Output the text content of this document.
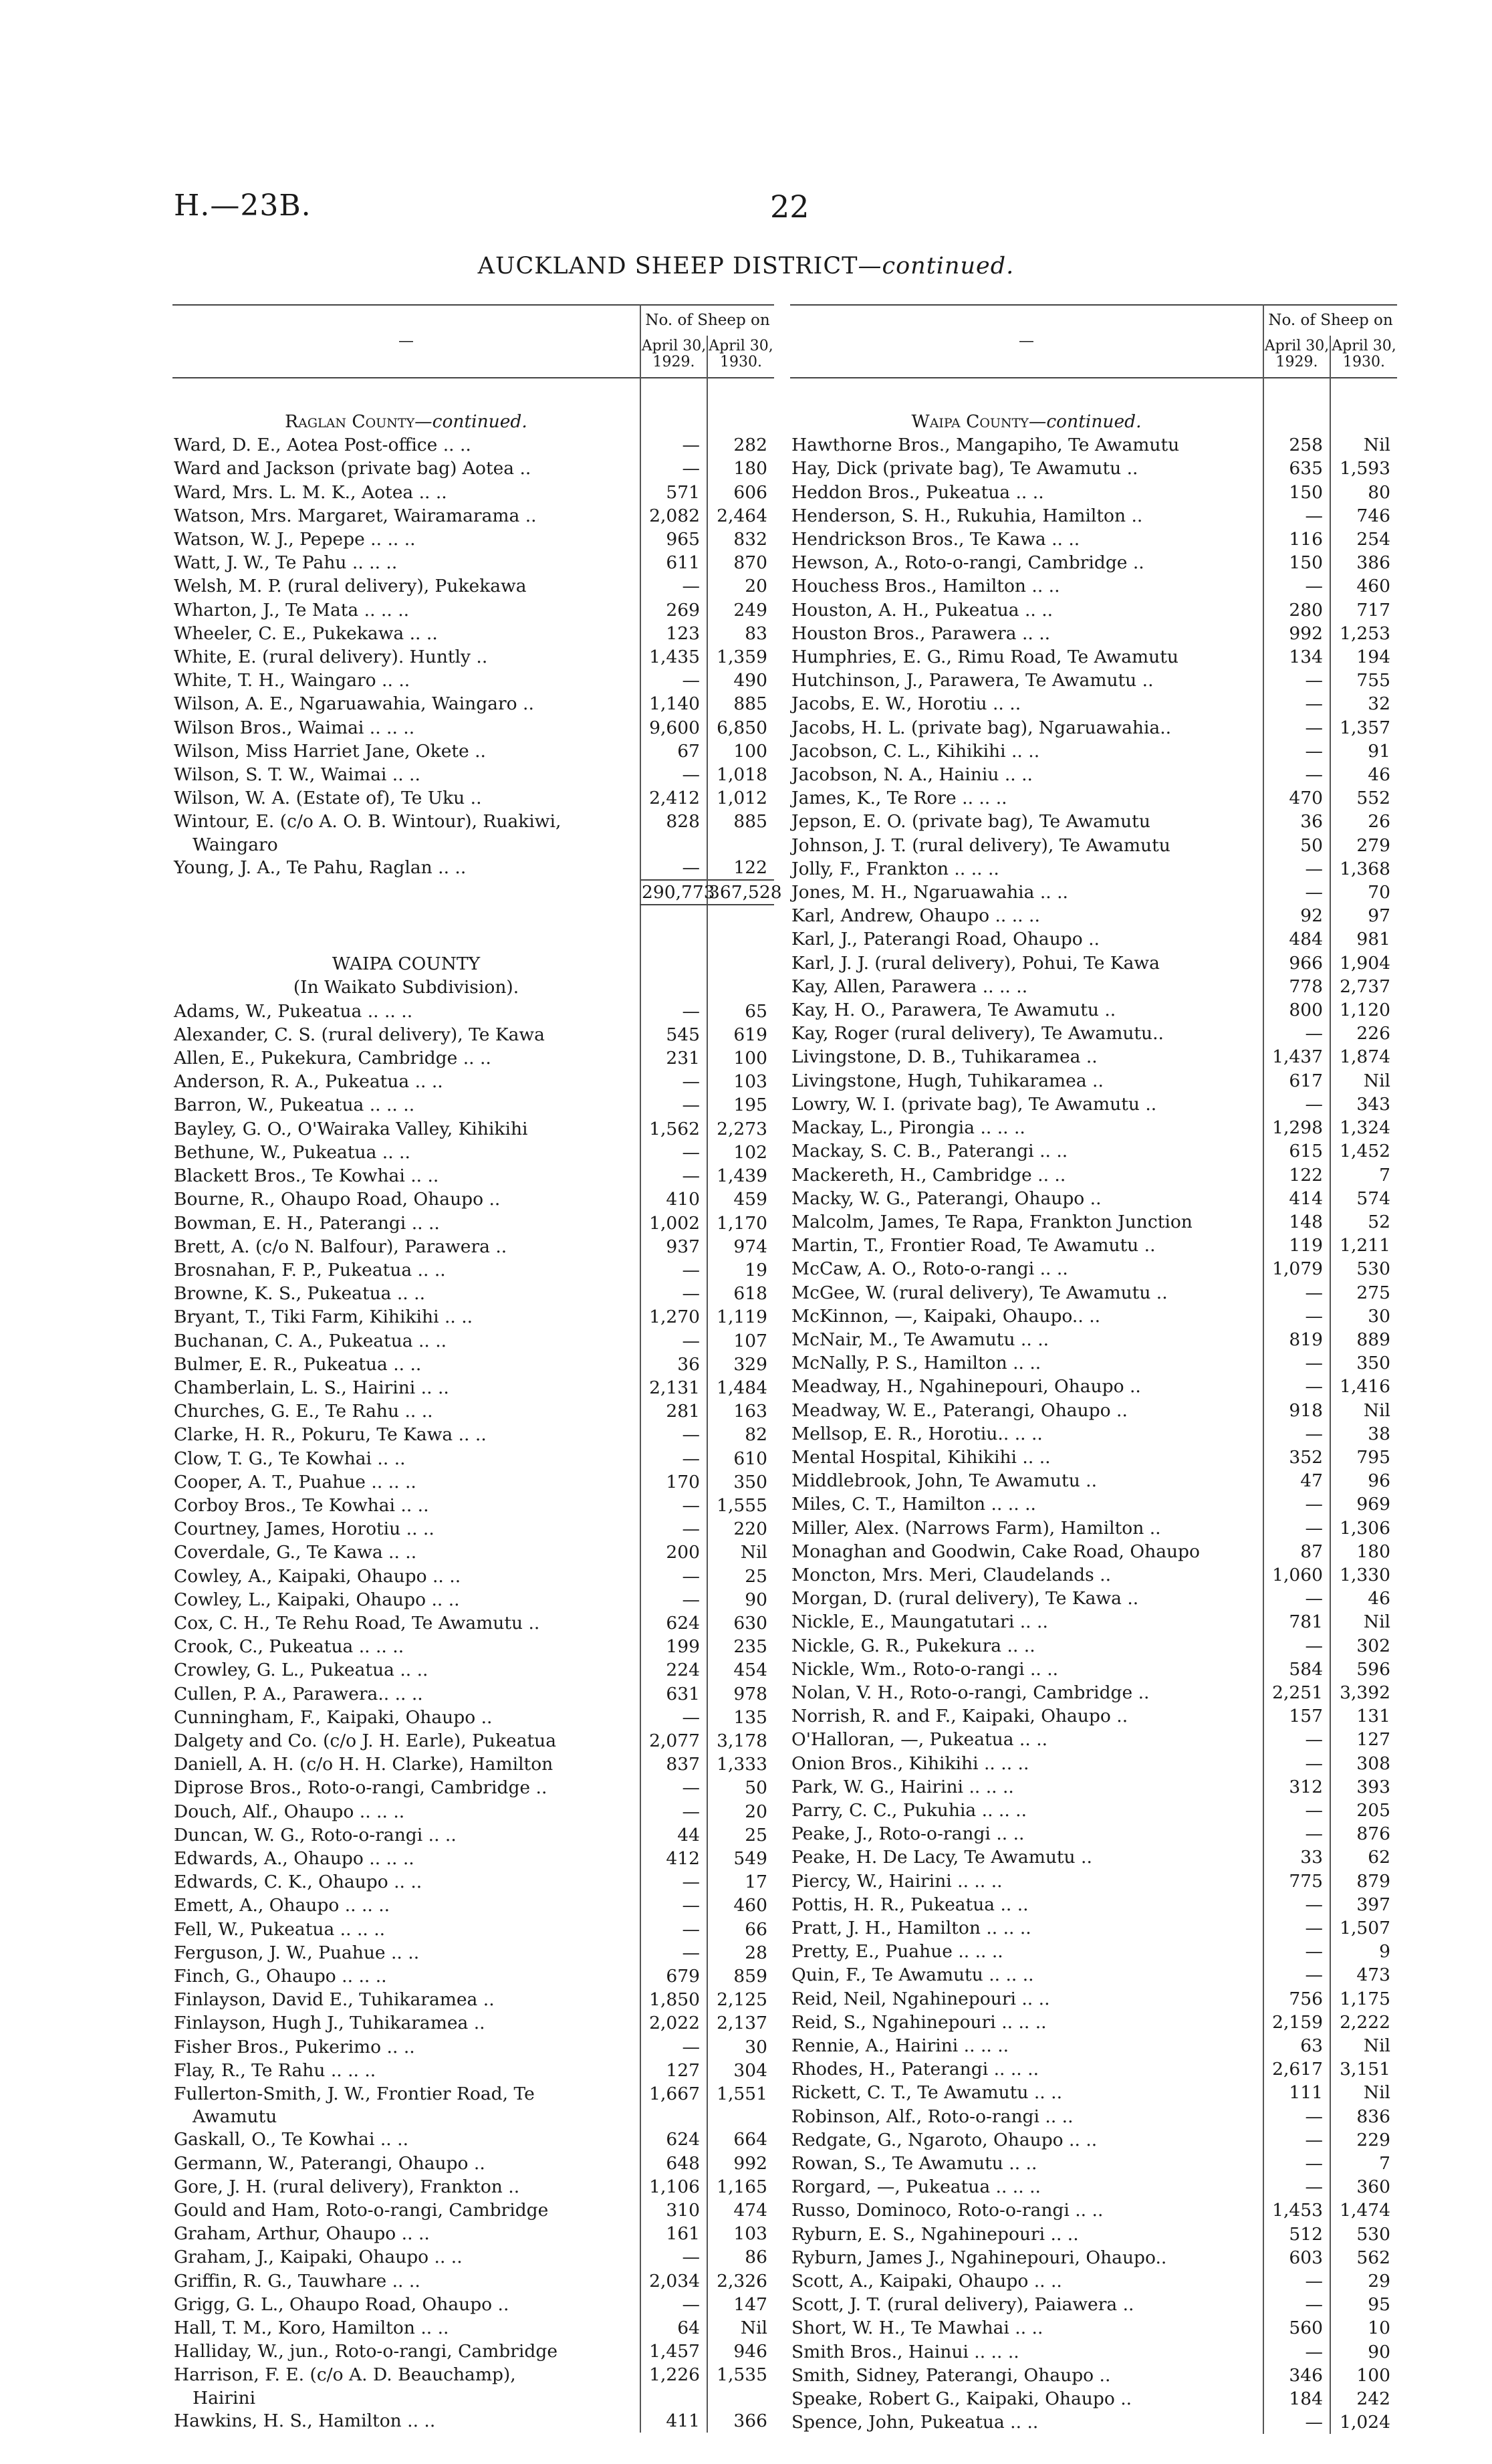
H.—23B.	22
AUCKLAND SHEEP DISTRICT—continued.
—	No. of Sheep on	
	April 30, 1929.	April 30, 1930.

Raglan County—continued.		
Ward, D. E., Aotea Post-office .. ..	—	282
Ward and Jackson (private bag) Aotea ..	—	180
Ward, Mrs. L. M. K., Aotea .. ..	571	606
Watson, Mrs. Margaret, Wairamarama ..	2,082	2,464
Watson, W. J., Pepepe .. .. ..	965	832
Watt, J. W., Te Pahu .. .. ..	611	870
Welsh, M. P. (rural delivery), Pukekawa	—	20
Wharton, J., Te Mata .. .. ..	269	249
Wheeler, C. E., Pukekawa .. ..	123	83
White, E. (rural delivery). Huntly ..	1,435	1,359
White, T. H., Waingaro .. ..	—	490
Wilson, A. E., Ngaruawahia, Waingaro ..	1,140	885
Wilson Bros., Waimai .. .. ..	9,600	6,850
Wilson, Miss Harriet Jane, Okete ..	67	100
Wilson, S. T. W., Waimai .. ..	—	1,018
Wilson, W. A. (Estate of), Te Uku ..	2,412	1,012
Wintour, E. (c/o A. O. B. Wintour), Ruakiwi,	828	885
Waingaro		
Young, J. A., Te Pahu, Raglan .. ..	—	122
	290,773	367,528

WAIPA COUNTY		
(In Waikato Subdivision).		
Adams, W., Pukeatua .. .. ..	—	65
Alexander, C. S. (rural delivery), Te Kawa	545	619
Allen, E., Pukekura, Cambridge .. ..	231	100
Anderson, R. A., Pukeatua .. ..	—	103
Barron, W., Pukeatua .. .. ..	—	195
Bayley, G. O., O'Wairaka Valley, Kihikihi	1,562	2,273
Bethune, W., Pukeatua .. ..	—	102
Blackett Bros., Te Kowhai .. ..	—	1,439
Bourne, R., Ohaupo Road, Ohaupo ..	410	459
Bowman, E. H., Paterangi .. ..	1,002	1,170
Brett, A. (c/o N. Balfour), Parawera ..	937	974
Brosnahan, F. P., Pukeatua .. ..	—	19
Browne, K. S., Pukeatua .. ..	—	618
Bryant, T., Tiki Farm, Kihikihi .. ..	1,270	1,119
Buchanan, C. A., Pukeatua .. ..	—	107
Bulmer, E. R., Pukeatua .. ..	36	329
Chamberlain, L. S., Hairini .. ..	2,131	1,484
Churches, G. E., Te Rahu .. ..	281	163
Clarke, H. R., Pokuru, Te Kawa .. ..	—	82
Clow, T. G., Te Kowhai .. ..	—	610
Cooper, A. T., Puahue .. .. ..	170	350
Corboy Bros., Te Kowhai .. ..	—	1,555
Courtney, James, Horotiu .. ..	—	220
Coverdale, G., Te Kawa .. ..	200	Nil
Cowley, A., Kaipaki, Ohaupo .. ..	—	25
Cowley, L., Kaipaki, Ohaupo .. ..	—	90
Cox, C. H., Te Rehu Road, Te Awamutu ..	624	630
Crook, C., Pukeatua .. .. ..	199	235
Crowley, G. L., Pukeatua .. ..	224	454
Cullen, P. A., Parawera.. .. ..	631	978
Cunningham, F., Kaipaki, Ohaupo ..	—	135
Dalgety and Co. (c/o J. H. Earle), Pukeatua	2,077	3,178
Daniell, A. H. (c/o H. H. Clarke), Hamilton	837	1,333
Diprose Bros., Roto-o-rangi, Cambridge ..	—	50
Douch, Alf., Ohaupo .. .. ..	—	20
Duncan, W. G., Roto-o-rangi .. ..	44	25
Edwards, A., Ohaupo .. .. ..	412	549
Edwards, C. K., Ohaupo .. ..	—	17
Emett, A., Ohaupo .. .. ..	—	460
Fell, W., Pukeatua .. .. ..	—	66
Ferguson, J. W., Puahue .. ..	—	28
Finch, G., Ohaupo .. .. ..	679	859
Finlayson, David E., Tuhikaramea ..	1,850	2,125
Finlayson, Hugh J., Tuhikaramea ..	2,022	2,137
Fisher Bros., Pukerimo .. ..	—	30
Flay, R., Te Rahu .. .. ..	127	304
Fullerton-Smith, J. W., Frontier Road, Te	1,667	1,551
Awamutu		
Gaskall, O., Te Kowhai .. ..	624	664
Germann, W., Paterangi, Ohaupo ..	648	992
Gore, J. H. (rural delivery), Frankton ..	1,106	1,165
Gould and Ham, Roto-o-rangi, Cambridge	310	474
Graham, Arthur, Ohaupo .. ..	161	103
Graham, J., Kaipaki, Ohaupo .. ..	—	86
Griffin, R. G., Tauwhare .. ..	2,034	2,326
Grigg, G. L., Ohaupo Road, Ohaupo ..	—	147
Hall, T. M., Koro, Hamilton .. ..	64	Nil
Halliday, W., jun., Roto-o-rangi, Cambridge	1,457	946
Harrison, F. E. (c/o A. D. Beauchamp),	1,226	1,535
Hairini		
Hawkins, H. S., Hamilton .. ..	411	366
—	No. of Sheep on	
	April 30, 1929.	April 30, 1930.

Waipa County—continued.		
Hawthorne Bros., Mangapiho, Te Awamutu	258	Nil
Hay, Dick (private bag), Te Awamutu ..	635	1,593
Heddon Bros., Pukeatua .. ..	150	80
Henderson, S. H., Rukuhia, Hamilton ..	—	746
Hendrickson Bros., Te Kawa .. ..	116	254
Hewson, A., Roto-o-rangi, Cambridge ..	150	386
Houchess Bros., Hamilton .. ..	—	460
Houston, A. H., Pukeatua .. ..	280	717
Houston Bros., Parawera .. ..	992	1,253
Humphries, E. G., Rimu Road, Te Awamutu	134	194
Hutchinson, J., Parawera, Te Awamutu ..	—	755
Jacobs, E. W., Horotiu .. ..	—	32
Jacobs, H. L. (private bag), Ngaruawahia..	—	1,357
Jacobson, C. L., Kihikihi .. ..	—	91
Jacobson, N. A., Hainiu .. ..	—	46
James, K., Te Rore .. .. ..	470	552
Jepson, E. O. (private bag), Te Awamutu	36	26
Johnson, J. T. (rural delivery), Te Awamutu	50	279
Jolly, F., Frankton .. .. ..	—	1,368
Jones, M. H., Ngaruawahia .. ..	—	70
Karl, Andrew, Ohaupo .. .. ..	92	97
Karl, J., Paterangi Road, Ohaupo ..	484	981
Karl, J. J. (rural delivery), Pohui, Te Kawa	966	1,904
Kay, Allen, Parawera .. .. ..	778	2,737
Kay, H. O., Parawera, Te Awamutu ..	800	1,120
Kay, Roger (rural delivery), Te Awamutu..	—	226
Livingstone, D. B., Tuhikaramea ..	1,437	1,874
Livingstone, Hugh, Tuhikaramea ..	617	Nil
Lowry, W. I. (private bag), Te Awamutu ..	—	343
Mackay, L., Pirongia .. .. ..	1,298	1,324
Mackay, S. C. B., Paterangi .. ..	615	1,452
Mackereth, H., Cambridge .. ..	122	7
Macky, W. G., Paterangi, Ohaupo ..	414	574
Malcolm, James, Te Rapa, Frankton Junction	148	52
Martin, T., Frontier Road, Te Awamutu ..	119	1,211
McCaw, A. O., Roto-o-rangi .. ..	1,079	530
McGee, W. (rural delivery), Te Awamutu ..	—	275
McKinnon, —, Kaipaki, Ohaupo.. ..	—	30
McNair, M., Te Awamutu .. ..	819	889
McNally, P. S., Hamilton .. ..	—	350
Meadway, H., Ngahinepouri, Ohaupo ..	—	1,416
Meadway, W. E., Paterangi, Ohaupo ..	918	Nil
Mellsop, E. R., Horotiu.. .. ..	—	38
Mental Hospital, Kihikihi .. ..	352	795
Middlebrook, John, Te Awamutu ..	47	96
Miles, C. T., Hamilton .. .. ..	—	969
Miller, Alex. (Narrows Farm), Hamilton ..	—	1,306
Monaghan and Goodwin, Cake Road, Ohaupo	87	180
Moncton, Mrs. Meri, Claudelands ..	1,060	1,330
Morgan, D. (rural delivery), Te Kawa ..	—	46
Nickle, E., Maungatutari .. ..	781	Nil
Nickle, G. R., Pukekura .. ..	—	302
Nickle, Wm., Roto-o-rangi .. ..	584	596
Nolan, V. H., Roto-o-rangi, Cambridge ..	2,251	3,392
Norrish, R. and F., Kaipaki, Ohaupo ..	157	131
O'Halloran, —, Pukeatua .. ..	—	127
Onion Bros., Kihikihi .. .. ..	—	308
Park, W. G., Hairini .. .. ..	312	393
Parry, C. C., Pukuhia .. .. ..	—	205
Peake, J., Roto-o-rangi .. ..	—	876
Peake, H. De Lacy, Te Awamutu ..	33	62
Piercy, W., Hairini .. .. ..	775	879
Pottis, H. R., Pukeatua .. ..	—	397
Pratt, J. H., Hamilton .. .. ..	—	1,507
Pretty, E., Puahue .. .. ..	—	9
Quin, F., Te Awamutu .. .. ..	—	473
Reid, Neil, Ngahinepouri .. ..	756	1,175
Reid, S., Ngahinepouri .. .. ..	2,159	2,222
Rennie, A., Hairini .. .. ..	63	Nil
Rhodes, H., Paterangi .. .. ..	2,617	3,151
Rickett, C. T., Te Awamutu .. ..	111	Nil
Robinson, Alf., Roto-o-rangi .. ..	—	836
Redgate, G., Ngaroto, Ohaupo .. ..	—	229
Rowan, S., Te Awamutu .. ..	—	7
Rorgard, —, Pukeatua .. .. ..	—	360
Russo, Dominoco, Roto-o-rangi .. ..	1,453	1,474
Ryburn, E. S., Ngahinepouri .. ..	512	530
Ryburn, James J., Ngahinepouri, Ohaupo..	603	562
Scott, A., Kaipaki, Ohaupo .. ..	—	29
Scott, J. T. (rural delivery), Paiawera ..	—	95
Short, W. H., Te Mawhai .. ..	560	10
Smith Bros., Hainui .. .. ..	—	90
Smith, Sidney, Paterangi, Ohaupo ..	346	100
Speake, Robert G., Kaipaki, Ohaupo ..	184	242
Spence, John, Pukeatua .. ..	—	1,024
